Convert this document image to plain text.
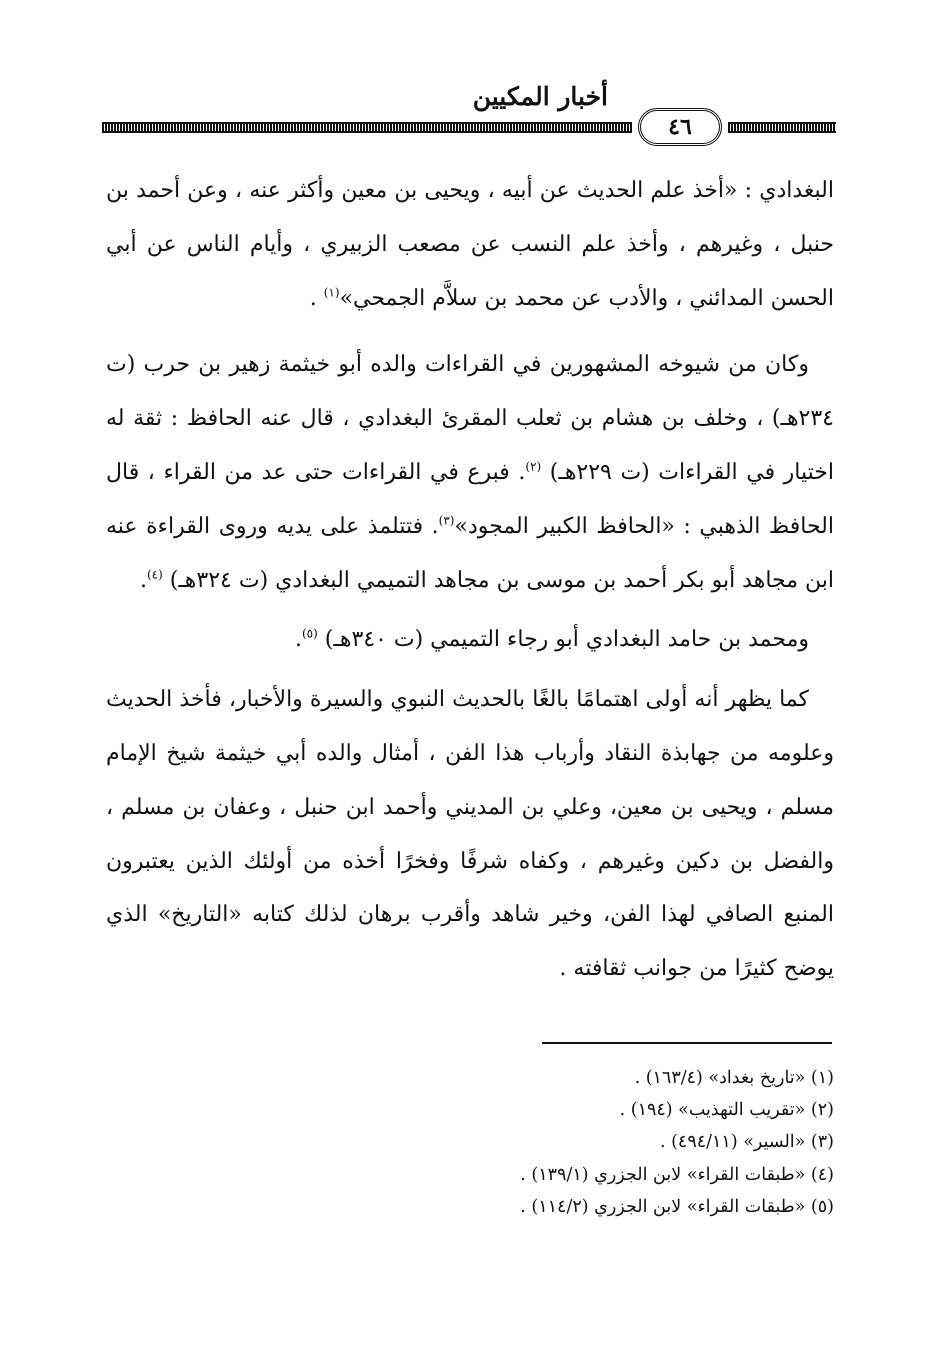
أخبار المكيين
٤٦

البغدادي : «أخذ علم الحديث عن أبيه ، ويحيى بن معين وأكثر عنه ، وعن أحمد بن حنبل ، وغيرهم ، وأخذ علم النسب عن مصعب الزبيري ، وأيام الناس عن أبي الحسن المدائني ، والأدب عن محمد بن سلاَّم الجمحي»$^{(١)}$ .

وكان من شيوخه المشهورين في القراءات والده أبو خيثمة زهير بن حرب (ت ٢٣٤هـ) ، وخلف بن هشام بن ثعلب المقرئ البغدادي ، قال عنه الحافظ : ثقة له اختيار في القراءات (ت ٢٢٩هـ) $^{(٢)}$. فبرع في القراءات حتى عد من القراء ، قال الحافظ الذهبي : «الحافظ الكبير المجود»$^{(٣)}$. فتتلمذ على يديه وروى القراءة عنه ابن مجاهد أبو بكر أحمد بن موسى بن مجاهد التميمي البغدادي (ت ٣٢٤هـ) $^{(٤)}$.

ومحمد بن حامد البغدادي أبو رجاء التميمي (ت ٣٤٠هـ) $^{(٥)}$.

كما يظهر أنه أولى اهتمامًا بالغًا بالحديث النبوي والسيرة والأخبار، فأخذ الحديث وعلومه من جهابذة النقاد وأرباب هذا الفن ، أمثال والده أبي خيثمة شيخ الإمام مسلم ، ويحيى بن معين، وعلي بن المديني وأحمد ابن حنبل ، وعفان بن مسلم ، والفضل بن دكين وغيرهم ، وكفاه شرفًا وفخرًا أخذه من أولئك الذين يعتبرون المنبع الصافي لهذا الفن، وخير شاهد وأقرب برهان لذلك كتابه «التاريخ» الذي يوضح كثيرًا من جوانب ثقافته .

(١) «تاريخ بغداد» (١٦٣/٤) .
(٢) «تقريب التهذيب» (١٩٤) .
(٣) «السير» (٤٩٤/١١) .
(٤) «طبقات القراء» لابن الجزري (١٣٩/١) .
(٥) «طبقات القراء» لابن الجزري (١١٤/٢) .
